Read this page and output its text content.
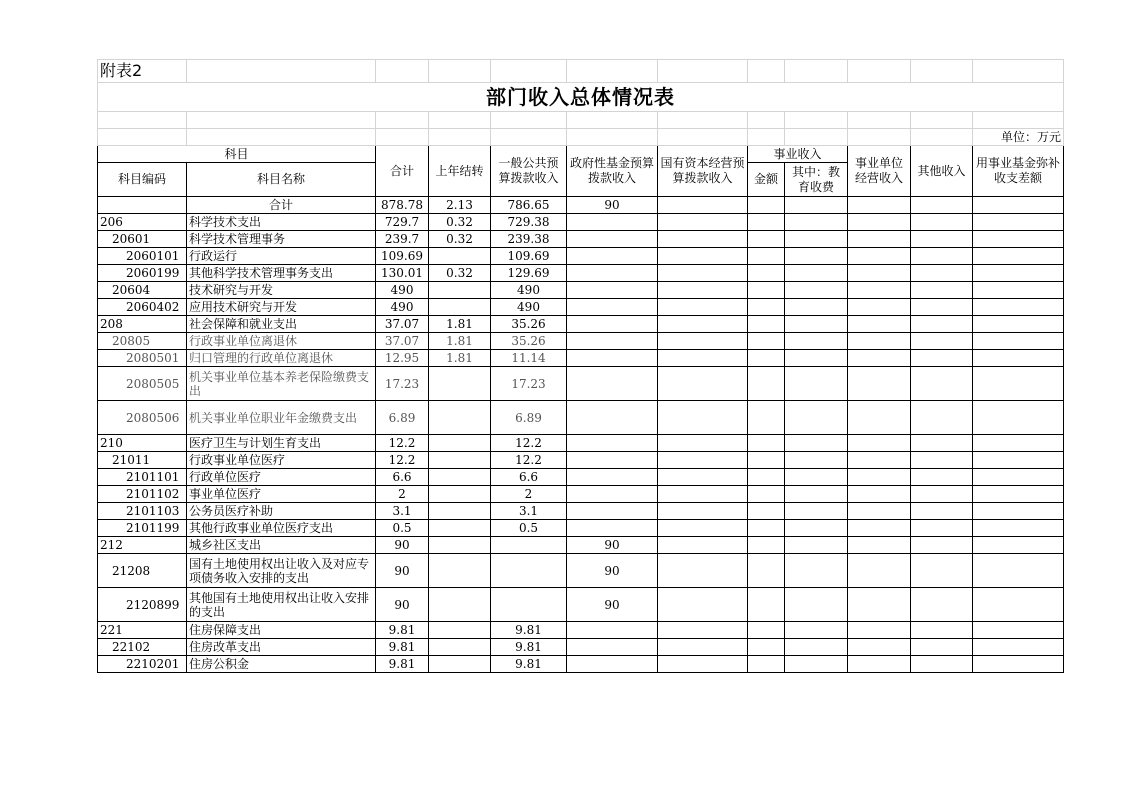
附表2											
部门收入总体情况表											

											单位：万元
科目		合计	上年结转	一般公共预算拨款收入	政府性基金预算拨款收入	国有资本经营预算拨款收入	事业收入		事业单位经营收入	其他收入	用事业基金弥补收支差额
科目编码	科目名称						金额	其中：教育收费			
	合计	878.78	2.13	786.65	90						
206	科学技术支出	729.7	0.32	729.38							
20601	科学技术管理事务	239.7	0.32	239.38							
2060101	行政运行	109.69		109.69							
2060199	其他科学技术管理事务支出	130.01	0.32	129.69							
20604	技术研究与开发	490		490							
2060402	应用技术研究与开发	490		490							
208	社会保障和就业支出	37.07	1.81	35.26							
20805	行政事业单位离退休	37.07	1.81	35.26							
2080501	归口管理的行政单位离退休	12.95	1.81	11.14							
2080505	机关事业单位基本养老保险缴费支出	17.23		17.23							
2080506	机关事业单位职业年金缴费支出	6.89		6.89							
210	医疗卫生与计划生育支出	12.2		12.2							
21011	行政事业单位医疗	12.2		12.2							
2101101	行政单位医疗	6.6		6.6							
2101102	事业单位医疗	2		2							
2101103	公务员医疗补助	3.1		3.1							
2101199	其他行政事业单位医疗支出	0.5		0.5							
212	城乡社区支出	90			90						
21208	国有土地使用权出让收入及对应专项债务收入安排的支出	90			90						
2120899	其他国有土地使用权出让收入安排的支出	90			90						
221	住房保障支出	9.81		9.81							
22102	住房改革支出	9.81		9.81							
2210201	住房公积金	9.81		9.81							
